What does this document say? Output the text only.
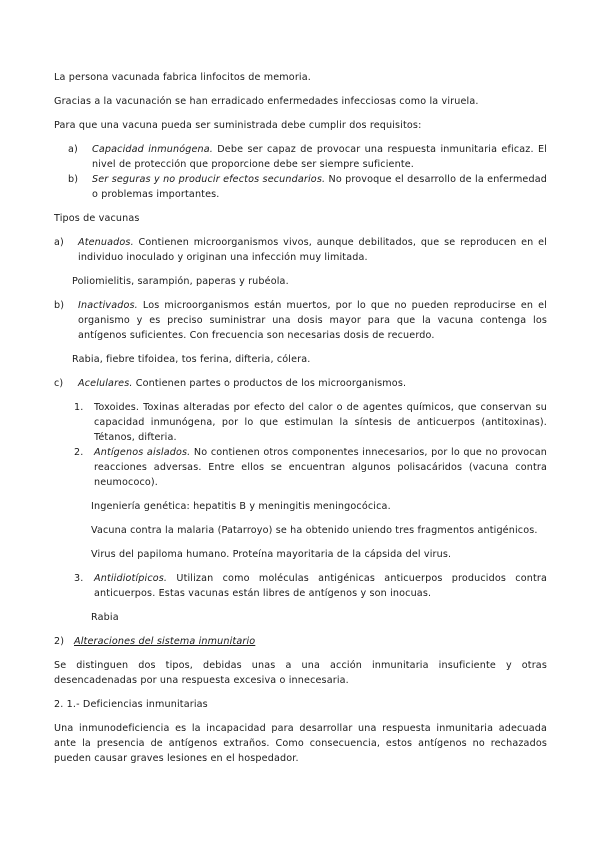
La persona vacunada fabrica linfocitos de memoria.

Gracias a la vacunación se han erradicado enfermedades infecciosas como la viruela.

Para que una vacuna pueda ser suministrada debe cumplir dos requisitos:

a)	Capacidad inmunógena. Debe ser capaz de provocar una respuesta inmunitaria eficaz. El nivel de protección que proporcione debe ser siempre suficiente.

b)	Ser seguras y no producir efectos secundarios. No provoque el desarrollo de la enfermedad o problemas importantes.

Tipos de vacunas

a)	Atenuados. Contienen microorganismos vivos, aunque debilitados, que se reproducen en el individuo inoculado y originan una infección muy limitada.

Poliomielitis, sarampión, paperas y rubéola.

b)	Inactivados. Los microorganismos están muertos, por lo que no pueden reproducirse en el organismo y es preciso suministrar una dosis mayor para que la vacuna contenga los antígenos suficientes. Con frecuencia son necesarias dosis de recuerdo.

Rabia, fiebre tifoidea, tos ferina, difteria, cólera.

c)	Acelulares. Contienen partes o productos de los microorganismos.

1.	Toxoides. Toxinas alteradas por efecto del calor o de agentes químicos, que conservan su capacidad inmunógena, por lo que estimulan la síntesis de anticuerpos (antitoxinas). Tétanos, difteria.

2.	Antígenos aislados. No contienen otros componentes innecesarios, por lo que no provocan reacciones adversas. Entre ellos se encuentran algunos polisacáridos (vacuna contra neumococo).

Ingeniería genética: hepatitis B y meningitis meningocócica.

Vacuna contra la malaria (Patarroyo) se ha obtenido uniendo tres fragmentos antigénicos.

Virus del papiloma humano. Proteína mayoritaria de la cápsida del virus.

3.	Antiidiotípicos. Utilizan como moléculas antigénicas anticuerpos producidos contra anticuerpos. Estas vacunas están libres de antígenos y son inocuas.

Rabia

2)	Alteraciones del sistema inmunitario

Se distinguen dos tipos, debidas unas a una acción inmunitaria insuficiente y otras desencadenadas por una respuesta excesiva o innecesaria.

2. 1.- Deficiencias inmunitarias

Una inmunodeficiencia es la incapacidad para desarrollar una respuesta inmunitaria adecuada ante la presencia de antígenos extraños. Como consecuencia, estos antígenos no rechazados pueden causar graves lesiones en el hospedador.
